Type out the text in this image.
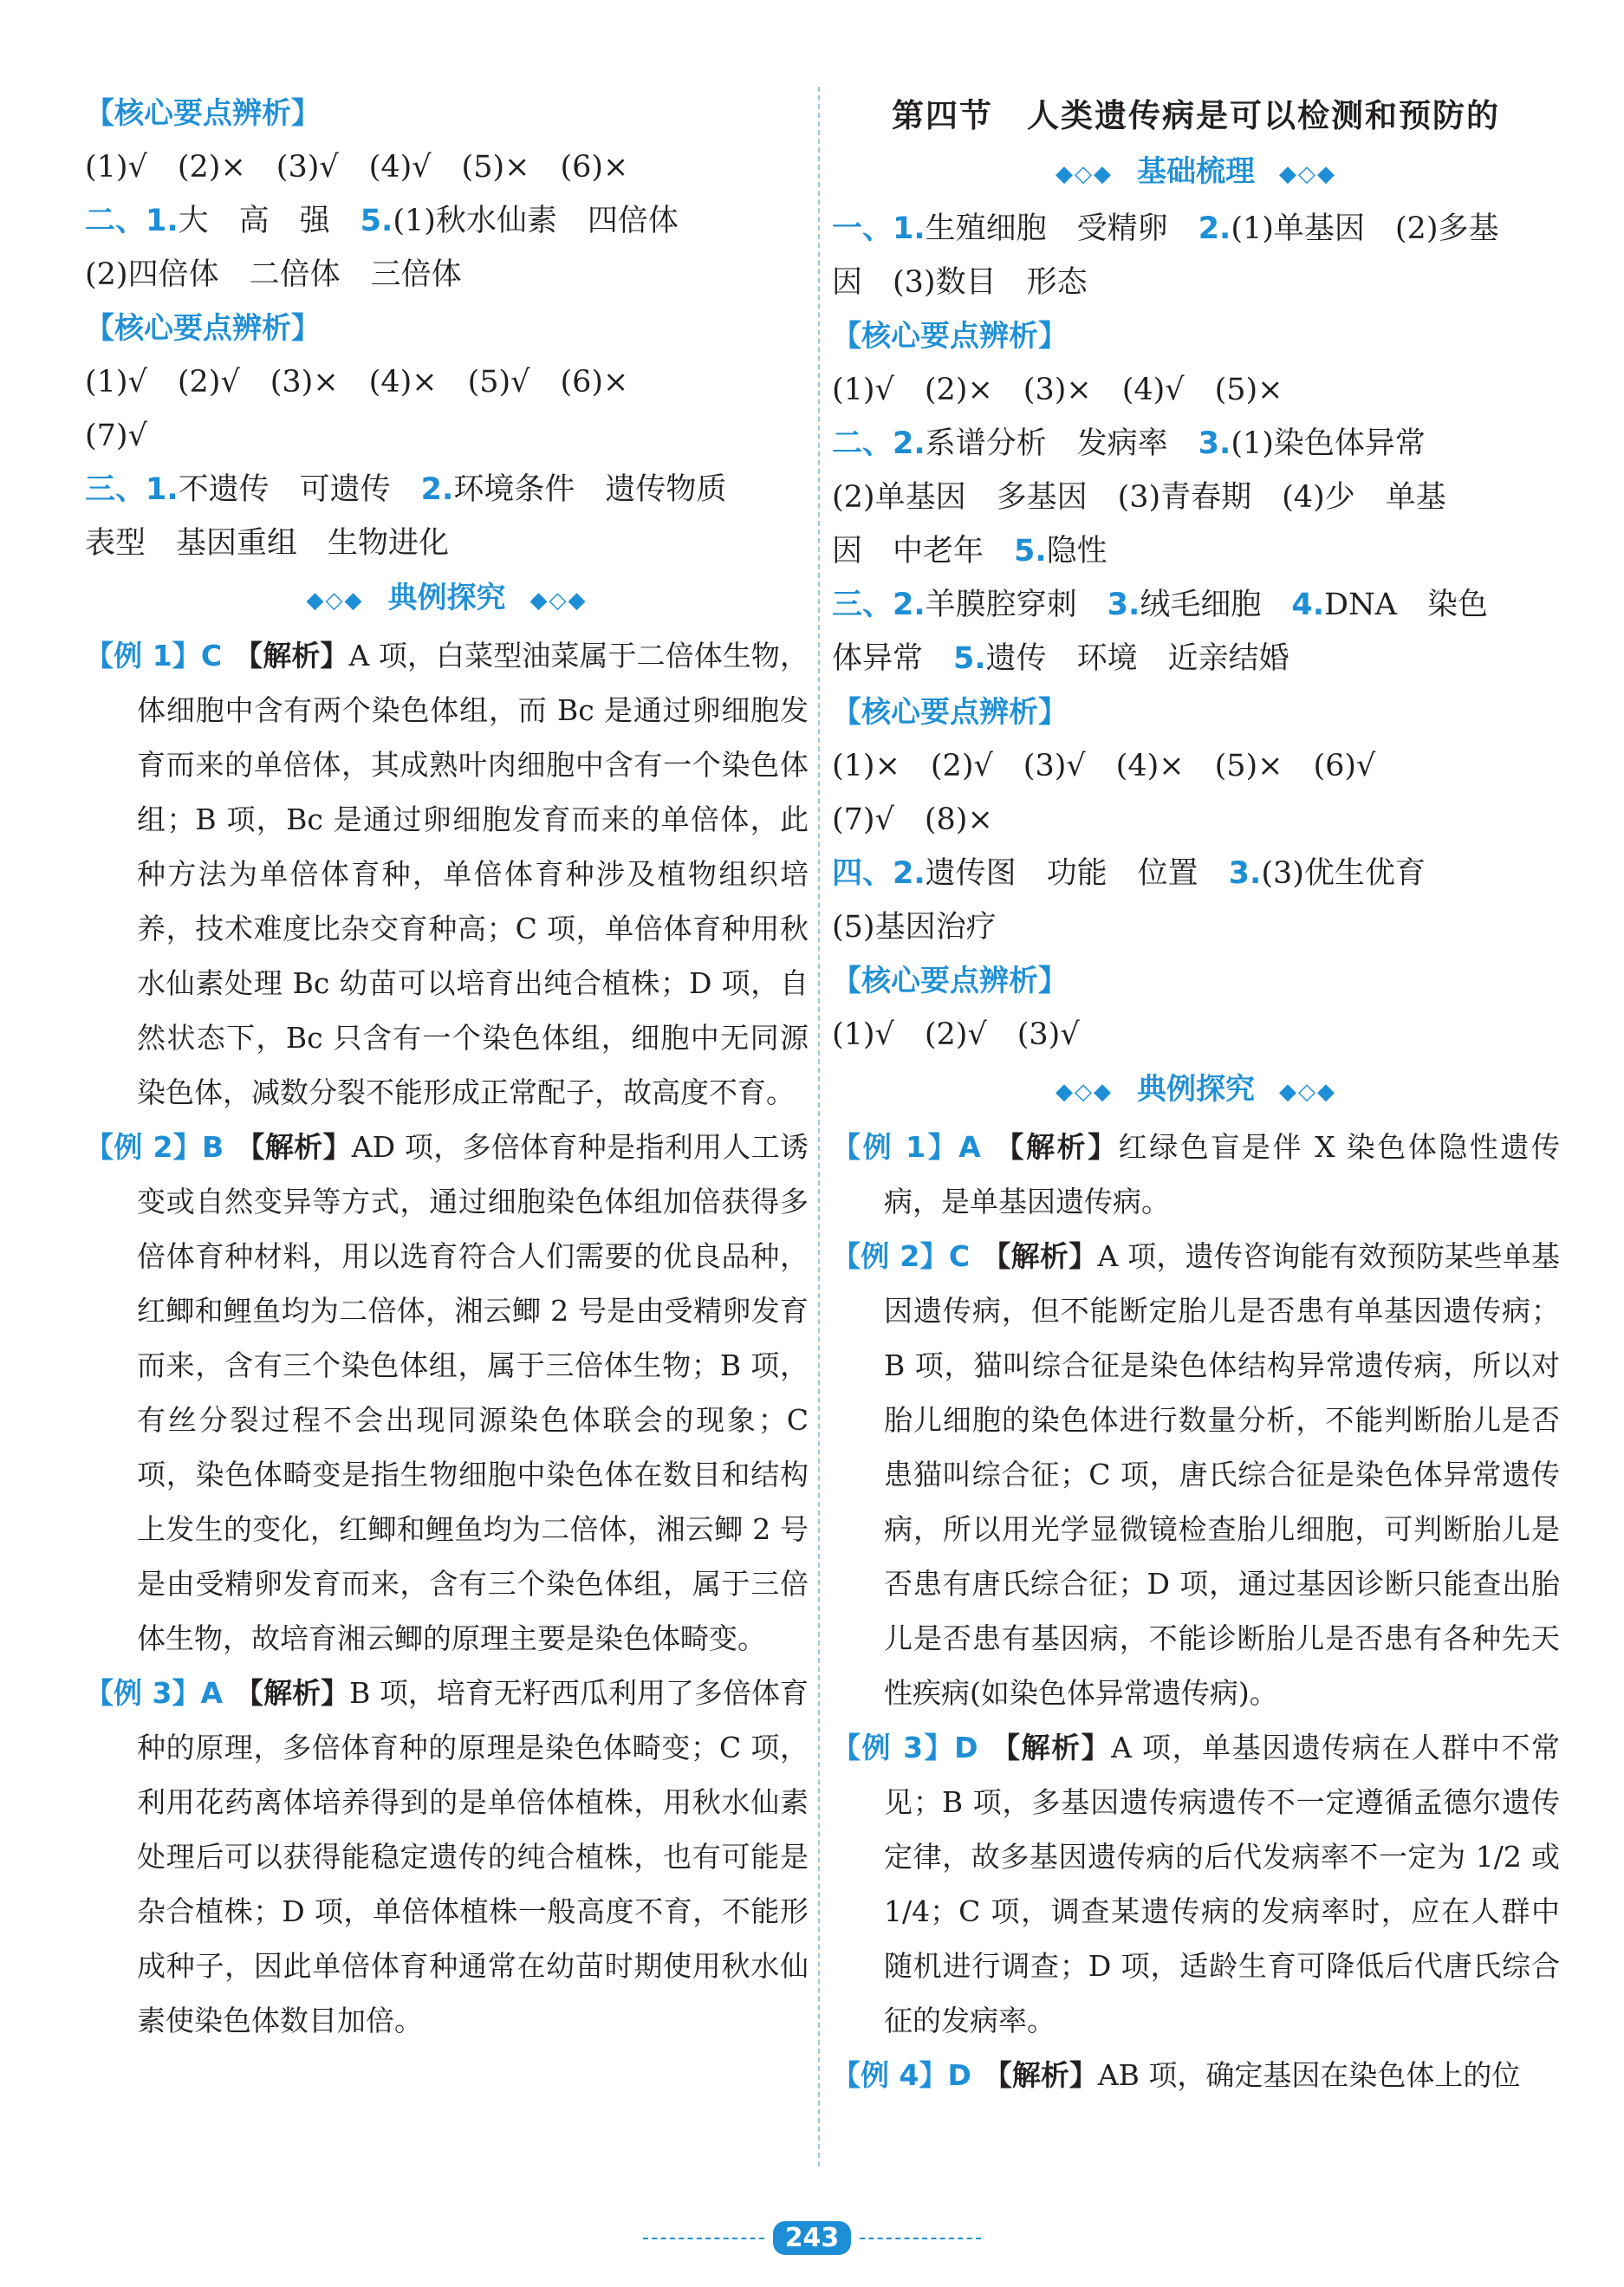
【核心要点辨析】
(1)√　(2)×　(3)√　(4)√　(5)×　(6)×
二、1.大　高　强　5.(1)秋水仙素　四倍体
(2)四倍体　二倍体　三倍体
【核心要点辨析】
(1)√　(2)√　(3)×　(4)×　(5)√　(6)×
(7)√
三、1.不遗传　可遗传　2.环境条件　遗传物质
表型　基因重组　生物进化
◆◇◆　典例探究　◆◇◆

【例 1】C 【解析】A 项，白菜型油菜属于二倍体生物，体细胞中含有两个染色体组，而 Bc 是通过卵细胞发育而来的单倍体，其成熟叶肉细胞中含有一个染色体组；B 项，Bc 是通过卵细胞发育而来的单倍体，此种方法为单倍体育种，单倍体育种涉及植物组织培养，技术难度比杂交育种高；C 项，单倍体育种用秋水仙素处理 Bc 幼苗可以培育出纯合植株；D 项，自然状态下，Bc 只含有一个染色体组，细胞中无同源染色体，减数分裂不能形成正常配子，故高度不育。

【例 2】B 【解析】AD 项，多倍体育种是指利用人工诱变或自然变异等方式，通过细胞染色体组加倍获得多倍体育种材料，用以选育符合人们需要的优良品种，红鲫和鲤鱼均为二倍体，湘云鲫 2 号是由受精卵发育而来，含有三个染色体组，属于三倍体生物；B 项，有丝分裂过程不会出现同源染色体联会的现象；C 项，染色体畸变是指生物细胞中染色体在数目和结构上发生的变化，红鲫和鲤鱼均为二倍体，湘云鲫 2 号是由受精卵发育而来，含有三个染色体组，属于三倍体生物，故培育湘云鲫的原理主要是染色体畸变。

【例 3】A 【解析】B 项，培育无籽西瓜利用了多倍体育种的原理，多倍体育种的原理是染色体畸变；C 项，利用花药离体培养得到的是单倍体植株，用秋水仙素处理后可以获得能稳定遗传的纯合植株，也有可能是杂合植株；D 项，单倍体植株一般高度不育，不能形成种子，因此单倍体育种通常在幼苗时期使用秋水仙素使染色体数目加倍。

第四节　人类遗传病是可以检测和预防的
◆◇◆　基础梳理　◆◇◆
一、1.生殖细胞　受精卵　2.(1)单基因　(2)多基
因　(3)数目　形态
【核心要点辨析】
(1)√　(2)×　(3)×　(4)√　(5)×
二、2.系谱分析　发病率　3.(1)染色体异常
(2)单基因　多基因　(3)青春期　(4)少　单基
因　中老年　5.隐性
三、2.羊膜腔穿刺　3.绒毛细胞　4.DNA　染色
体异常　5.遗传　环境　近亲结婚
【核心要点辨析】
(1)×　(2)√　(3)√　(4)×　(5)×　(6)√
(7)√　(8)×
四、2.遗传图　功能　位置　3.(3)优生优育
(5)基因治疗
【核心要点辨析】
(1)√　(2)√　(3)√
◆◇◆　典例探究　◆◇◆

【例 1】A 【解析】红绿色盲是伴 X 染色体隐性遗传病，是单基因遗传病。

【例 2】C 【解析】A 项，遗传咨询能有效预防某些单基因遗传病，但不能断定胎儿是否患有单基因遗传病；B 项，猫叫综合征是染色体结构异常遗传病，所以对胎儿细胞的染色体进行数量分析，不能判断胎儿是否患猫叫综合征；C 项，唐氏综合征是染色体异常遗传病，所以用光学显微镜检查胎儿细胞，可判断胎儿是否患有唐氏综合征；D 项，通过基因诊断只能查出胎儿是否患有基因病，不能诊断胎儿是否患有各种先天性疾病(如染色体异常遗传病)。

【例 3】D 【解析】A 项，单基因遗传病在人群中不常见；B 项，多基因遗传病遗传不一定遵循孟德尔遗传定律，故多基因遗传病的后代发病率不一定为 1/2 或 1/4；C 项，调查某遗传病的发病率时，应在人群中随机进行调查；D 项，适龄生育可降低后代唐氏综合征的发病率。

【例 4】D 【解析】AB 项，确定基因在染色体上的位

243
